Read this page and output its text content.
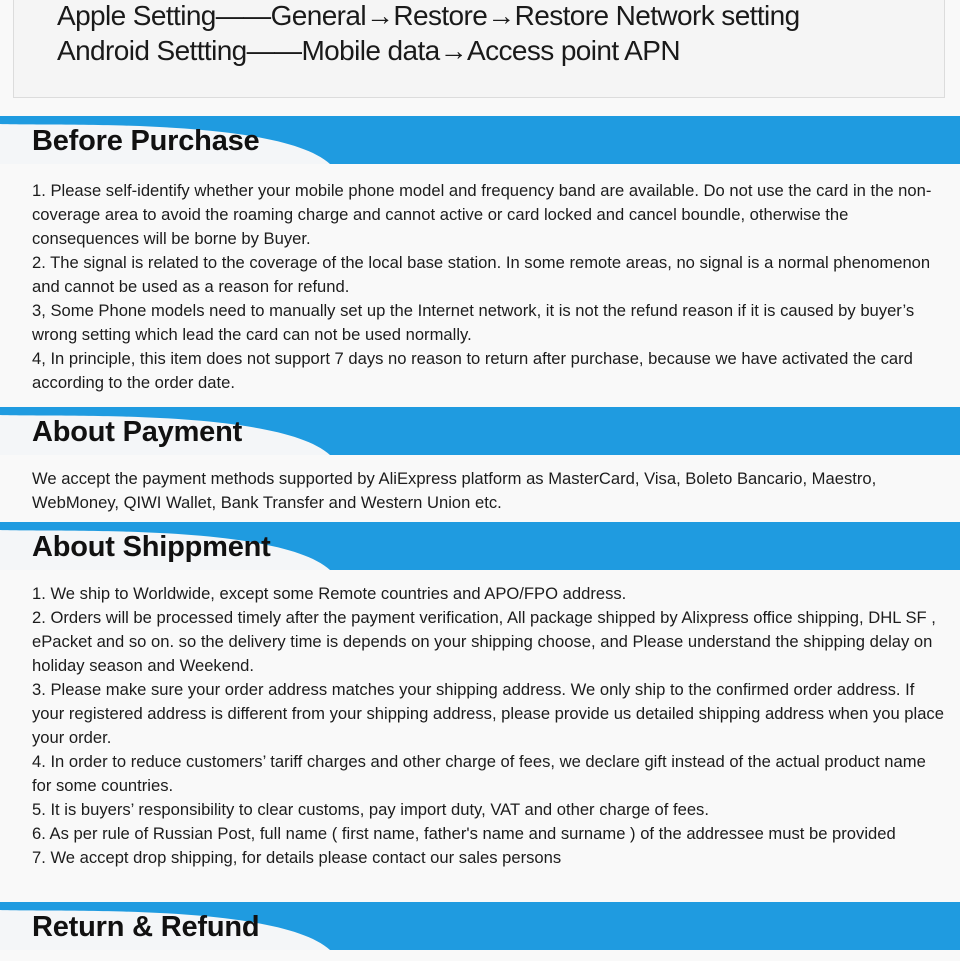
Apple Setting——General→Restore→Restore Network setting
Android Settting——Mobile data→Access point APN
Before Purchase

1. Please self-identify whether your mobile phone model and frequency band are available. Do not use the card in the non-coverage area to avoid the roaming charge and cannot active or card locked and cancel boundle, otherwise the consequences will be borne by Buyer.

2. The signal is related to the coverage of the local base station. In some remote areas, no signal is a normal phenomenon and cannot be used as a reason for refund.

3, Some Phone models need to manually set up the Internet network, it is not the refund reason if it is caused by buyer’s wrong setting which lead the card can not be used normally.

4, In principle, this item does not support 7 days no reason to return after purchase, because we have activated the card according to the order date.

About Payment

We accept the payment methods supported by AliExpress platform as MasterCard, Visa, Boleto Bancario, Maestro, WebMoney, QIWI Wallet, Bank Transfer and Western Union etc.

About Shippment

1. We ship to Worldwide, except some Remote countries and APO/FPO address.

2. Orders will be processed timely after the payment verification, All package shipped by Alixpress office shipping, DHL SF , ePacket and so on. so the delivery time is depends on your shipping choose, and Please understand the shipping delay on holiday season and Weekend.

3. Please make sure your order address matches your shipping address. We only ship to the confirmed order address. If your registered address is different from your shipping address, please provide us detailed shipping address when you place your order.

4. In order to reduce customers’ tariff charges and other charge of fees, we declare gift instead of the actual product name for some countries.

5. It is buyers’ responsibility to clear customs, pay import duty, VAT and other charge of fees.

6. As per rule of Russian Post, full name ( first name, father's name and surname ) of the addressee must be provided

7. We accept drop shipping, for details please contact our sales persons

Return & Refund
